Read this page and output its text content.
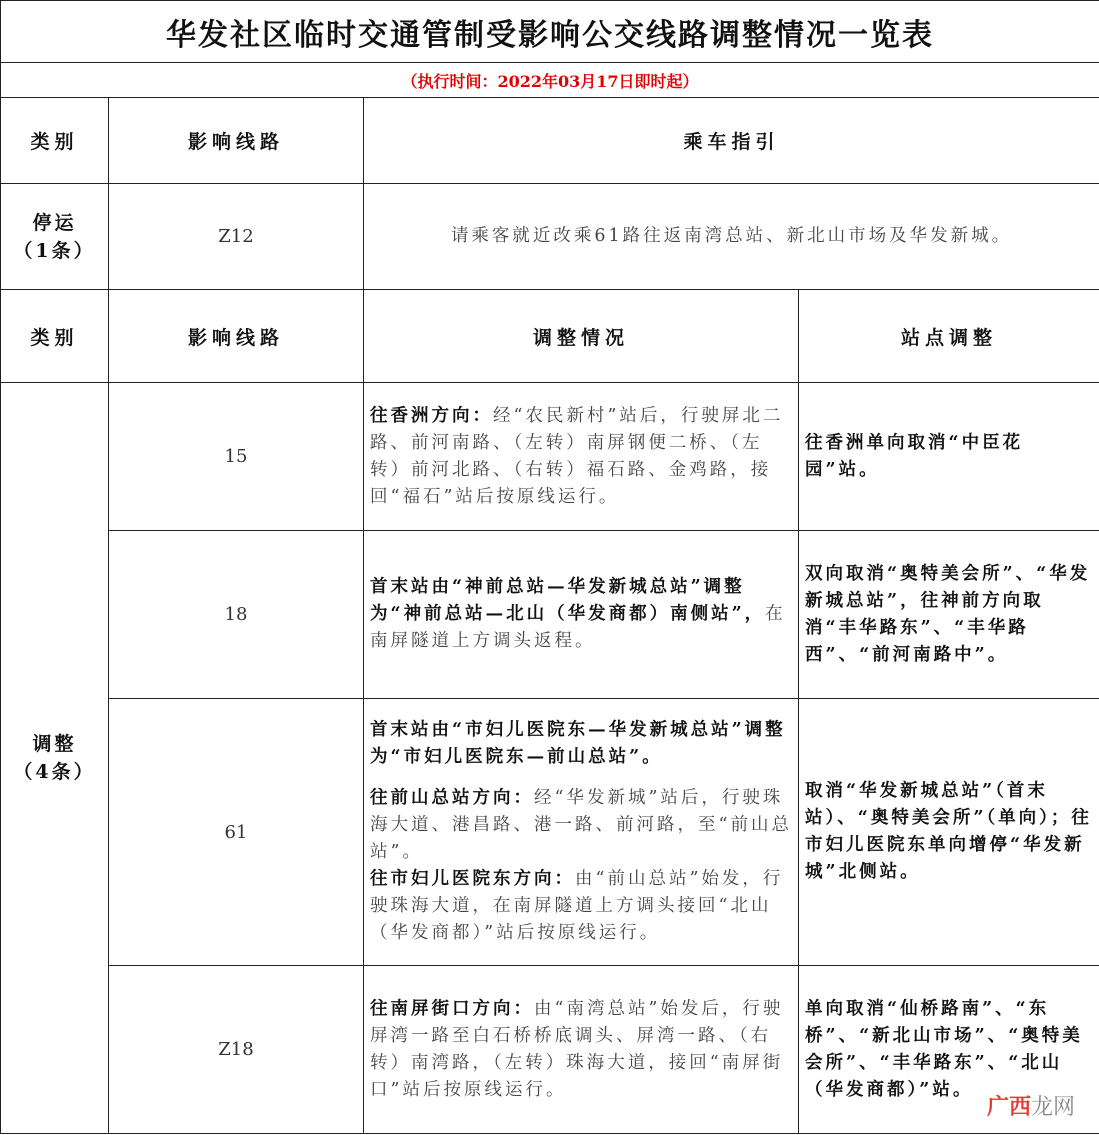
华发社区临时交通管制受影响公交线路调整情况一览表			
（执行时间：2022年03月17日即时起）			
类别	影响线路	乘车指引	

停运
（1条）	Z12	请乘客就近改乘61路往返南湾总站、新北山市场及华发新城。	
类别	影响线路	调整情况	站点调整

调整
（4条）	15	往香洲方向：经“农民新村”站后，行驶屏北二路、前河南路、（左转）南屏钢便二桥、（左转）前河北路、（右转）福石路、金鸡路，接回“福石”站后按原线运行。	往香洲单向取消“中臣花园”站。
	18	首末站由“神前总站—华发新城总站”调整为“神前总站—北山（华发商都）南侧站”，在南屏隧道上方调头返程。	双向取消“奥特美会所”、“华发新城总站”，往神前方向取消“丰华路东”、“丰华路西”、“前河南路中”。
	61	首末站由“市妇儿医院东—华发新城总站”调整为“市妇儿医院东—前山总站”。
往前山总站方向：经“华发新城”站后，行驶珠海大道、港昌路、港一路、前河路，至“前山总站”。
往市妇儿医院东方向：由“前山总站”始发，行驶珠海大道，在南屏隧道上方调头接回“北山（华发商都）”站后按原线运行。	取消“华发新城总站”（首末站）、“奥特美会所”（单向）；往市妇儿医院东单向增停“华发新城”北侧站。
	Z18	往南屏街口方向：由“南湾总站”始发后，行驶屏湾一路至白石桥桥底调头、屏湾一路、（右转）南湾路，（左转）珠海大道，接回“南屏街口”站后按原线运行。	单向取消“仙桥路南”、“东桥”、“新北山市场”、“奥特美会所”、“丰华路东”、“北山（华发商都）”站。
广西龙网
